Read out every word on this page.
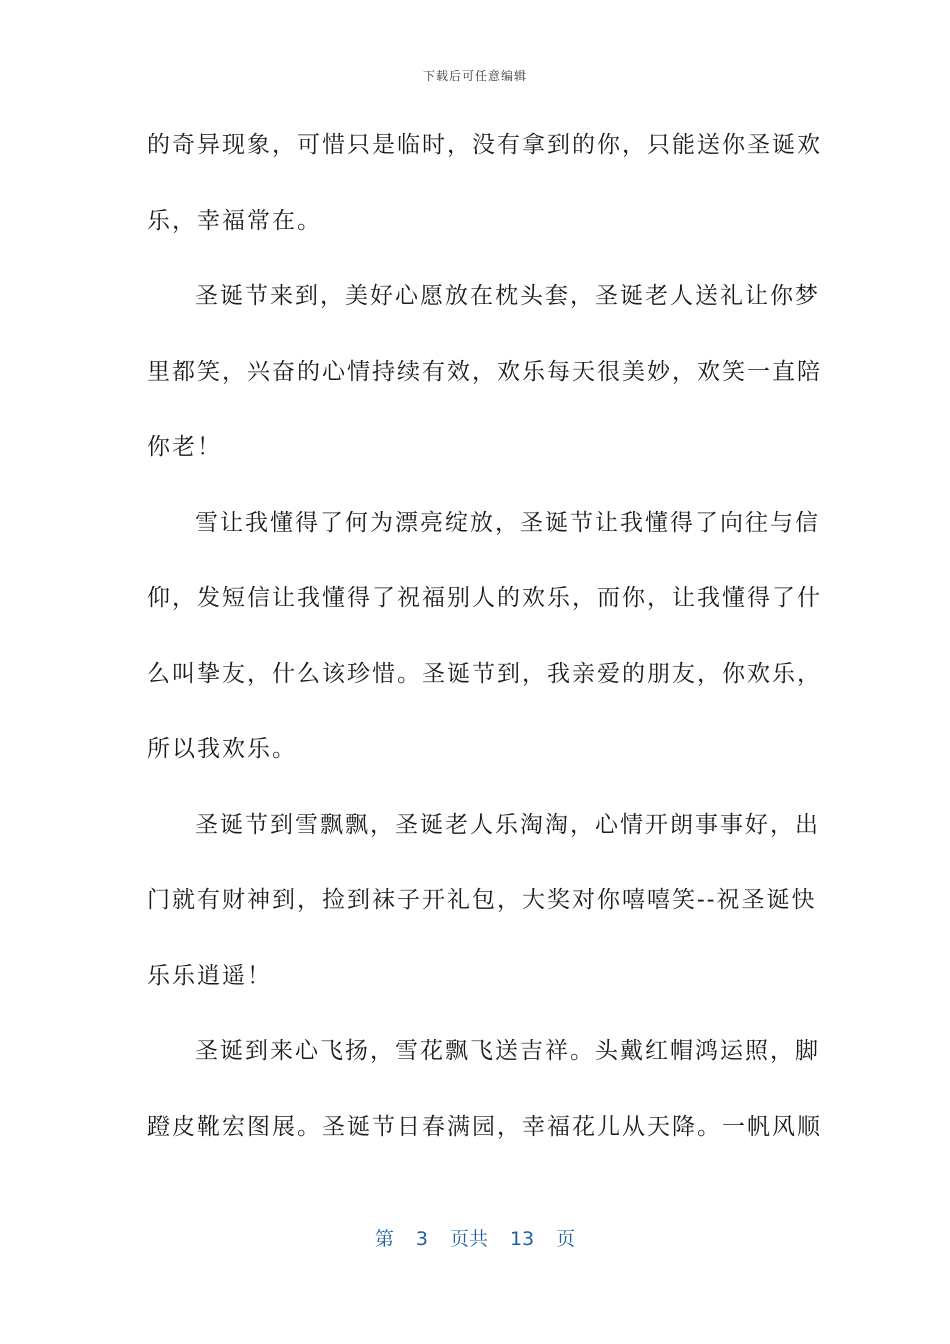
下载后可任意编辑
的奇异现象，可惜只是临时，没有拿到的你，只能送你圣诞欢
乐，幸福常在。
圣诞节来到，美好心愿放在枕头套，圣诞老人送礼让你梦
里都笑，兴奋的心情持续有效，欢乐每天很美妙，欢笑一直陪
你老！
雪让我懂得了何为漂亮绽放，圣诞节让我懂得了向往与信
仰，发短信让我懂得了祝福别人的欢乐，而你，让我懂得了什
么叫挚友，什么该珍惜。圣诞节到，我亲爱的朋友，你欢乐，
所以我欢乐。
圣诞节到雪飘飘，圣诞老人乐淘淘，心情开朗事事好，出
门就有财神到，捡到袜子开礼包，大奖对你嘻嘻笑--祝圣诞快
乐乐逍遥！
圣诞到来心飞扬，雪花飘飞送吉祥。头戴红帽鸿运照，脚
蹬皮靴宏图展。圣诞节日春满园，幸福花儿从天降。一帆风顺
第 3 页共 13 页
